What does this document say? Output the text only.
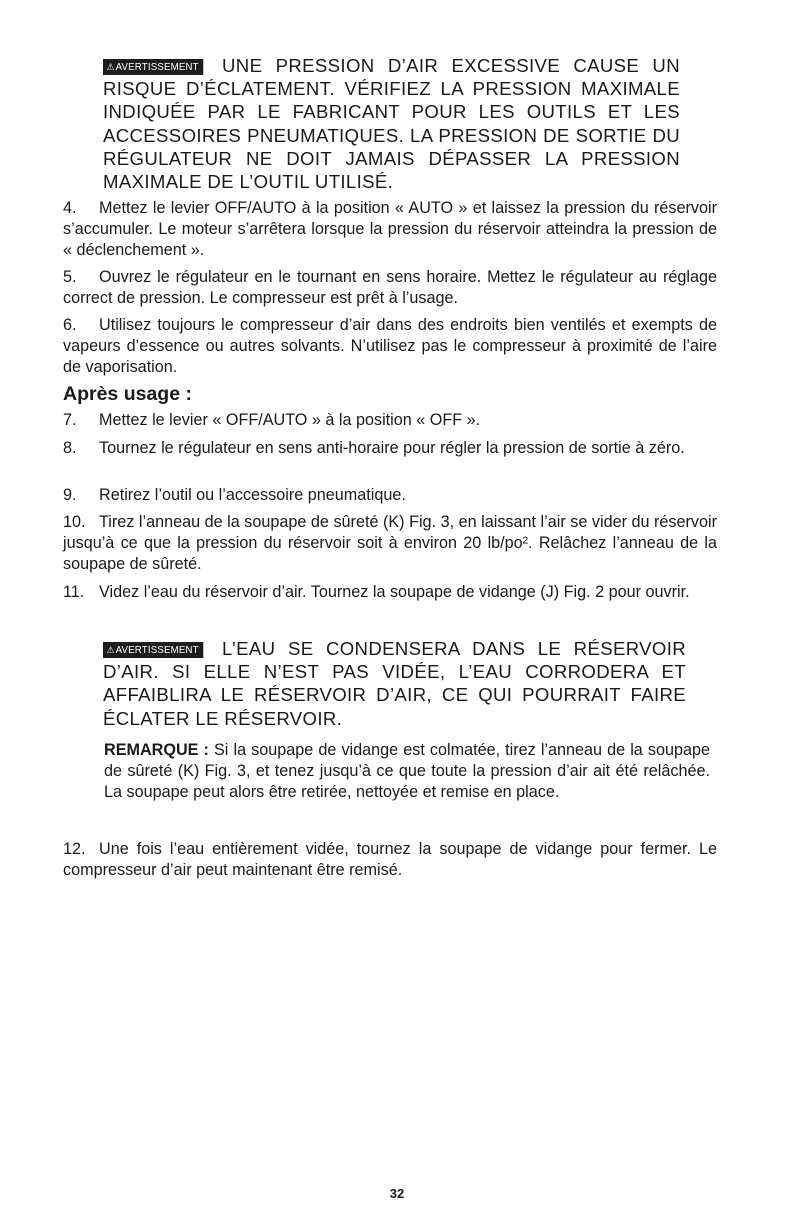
⚠AVERTISSEMENT UNE PRESSION D’AIR EXCESSIVE CAUSE UN RISQUE D’ÉCLATEMENT. VÉRIFIEZ LA PRESSION MAXIMALE INDIQUÉE PAR LE FABRICANT POUR LES OUTILS ET LES ACCESSOIRES PNEUMATIQUES. LA PRESSION DE SORTIE DU RÉGULATEUR NE DOIT JAMAIS DÉPASSER LA PRESSION MAXIMALE DE L’OUTIL UTILISÉ.
4. Mettez le levier OFF/AUTO à la position « AUTO » et laissez la pression du réservoir s’accumuler. Le moteur s’arrêtera lorsque la pression du réservoir atteindra la pression de « déclenchement ».
5. Ouvrez le régulateur en le tournant en sens horaire. Mettez le régulateur au réglage correct de pression. Le compresseur est prêt à l’usage.
6. Utilisez toujours le compresseur d’air dans des endroits bien ventilés et exempts de vapeurs d’essence ou autres solvants. N’utilisez pas le compresseur à proximité de l’aire de vaporisation.
Après usage :
7. Mettez le levier « OFF/AUTO » à la position « OFF ».
8. Tournez le régulateur en sens anti-horaire pour régler la pression de sortie à zéro.
9. Retirez l’outil ou l’accessoire pneumatique.
10. Tirez l’anneau de la soupape de sûreté (K) Fig. 3, en laissant l’air se vider du réservoir jusqu’à ce que la pression du réservoir soit à environ 20 lb/po². Relâchez l’anneau de la soupape de sûreté.
11. Videz l’eau du réservoir d’air. Tournez la soupape de vidange (J) Fig. 2 pour ouvrir.
⚠AVERTISSEMENT L’EAU SE CONDENSERA DANS LE RÉSERVOIR D’AIR. SI ELLE N’EST PAS VIDÉE, L’EAU CORRODERA ET AFFAIBLIRA LE RÉSERVOIR D’AIR, CE QUI POURRAIT FAIRE ÉCLATER LE RÉSERVOIR.
REMARQUE : Si la soupape de vidange est colmatée, tirez l’anneau de la soupape de sûreté (K) Fig. 3, et tenez jusqu’à ce que toute la pression d’air ait été relâchée. La soupape peut alors être retirée, nettoyée et remise en place.
12. Une fois l’eau entièrement vidée, tournez la soupape de vidange pour fermer. Le compresseur d’air peut maintenant être remisé.
32
